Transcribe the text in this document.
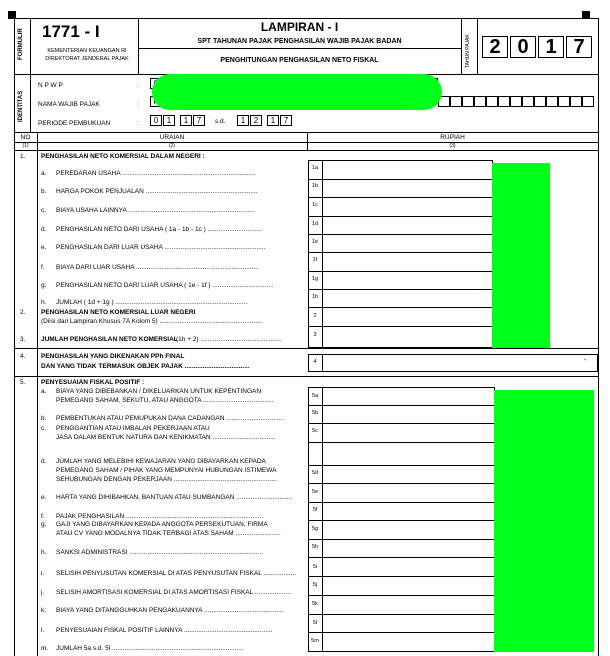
FORMULIR 1771 - I
KEMENTERIAN KEUANGAN RI
DIREKTORAT JENDERAL PAJAK
LAMPIRAN - I
SPT TAHUNAN PAJAK PENGHASILAN WAJIB PAJAK BADAN
PENGHITUNGAN PENGHASILAN NETO FISKAL	TAHUN PAJAK 2 0 1 7
IDENTITAS
N P W P	:
NAMA WAJIB PAJAK	:
PERIODE PEMBUKUAN	:	0	1	1	7	s.d.	1	2	1	7
NO	URAIAN	RUPIAH
(1)	(2)	(3)
1. PENGHASILAN NETO KOMERSIAL DALAM NEGERI :
a. PEREDARAN USAHA ..........................................................................
1a
b. HARGA POKOK PENJUALAN ..............................................................
1b
c. BIAYA USAHA LAINNYA ......................................................................
1c
d. PENGHASILAN NETO DARI USAHA ( 1a - 1b - 1c ) ..............................
1d
e. PENGHASILAN DARI LUAR USAHA ........................................................
1e
f. BIAYA DARI LUAR USAHA ....................................................................
1f
g. PENGHASILAN NETO DARI LUAR USAHA ( 1e - 1f ) ..................................
1g
h. JUMLAH ( 1d + 1g ) .........................................................................
1h
2. PENGHASILAN NETO KOMERSIAL LUAR NEGERI
(Diisi dari Lampiran Khusus 7A Kolom 5) .........................................................
2
3. JUMLAH PENGHASILAN NETO KOMERSIAL
(1h + 2) .............................................
3
4. PENGHASILAN YANG DIKENAKAN PPh FINAL
DAN YANG TIDAK TERMASUK OBJEK PAJAK ....................................
4	-
5. PENYESUAIAN FISKAL POSITIF :
a. BIAYA YANG DIBEBANKAN / DIKELUARKAN UNTUK KEPENTINGAN
PEMEGANG SAHAM, SEKUTU, ATAU ANGGOTA .......................................
5a
b. PEMBENTUKAN ATAU PEMUPUKAN DANA CADANGAN ................................
5b
c. PENGGANTIAN ATAU IMBALAN PEKERJAAN ATAU
JASA DALAM BENTUK NATURA DAN KENIKMATAN ...................................
5c
d. JUMLAH YANG MELEBIHI KEWAJARAN YANG DIBAYARKAN KEPADA
PEMEGANG SAHAM / PIHAK YANG MEMPUNYAI HUBUNGAN ISTIMEWA
SEHUBUNGAN DENGAN PEKERJAAN .........................................................
5d
e. HARTA YANG DIHIBAHKAN, BANTUAN ATAU SUMBANGAN ...............................
5e
f. PAJAK PENGHASILAN ............................................................................
5f
g. GAJI YANG DIBAYARKAN KEPADA ANGGOTA PERSEKUTUAN, FIRMA
ATAU CV YANG MODALNYA TIDAK TERBAGI ATAS SAHAM .........................
5g
h. SANKSI ADMINISTRASI ..........................................................................
5h
i. SELISIH PENYUSUTAN KOMERSIAL DI ATAS PENYUSUTAN FISKAL ..................
5i
j. SELISIH AMORTISASI KOMERSIAL DI ATAS AMORTISASI FISKAL ....................
5j
k. BIAYA YANG DITANGGUHKAN PENGAKUANNYA ............................................
5k
l. PENYESUAIAN FISKAL POSITIF LAINNYA .................................................
5l
m. JUMLAH 5a s.d. 5l .........................................................................
5m
